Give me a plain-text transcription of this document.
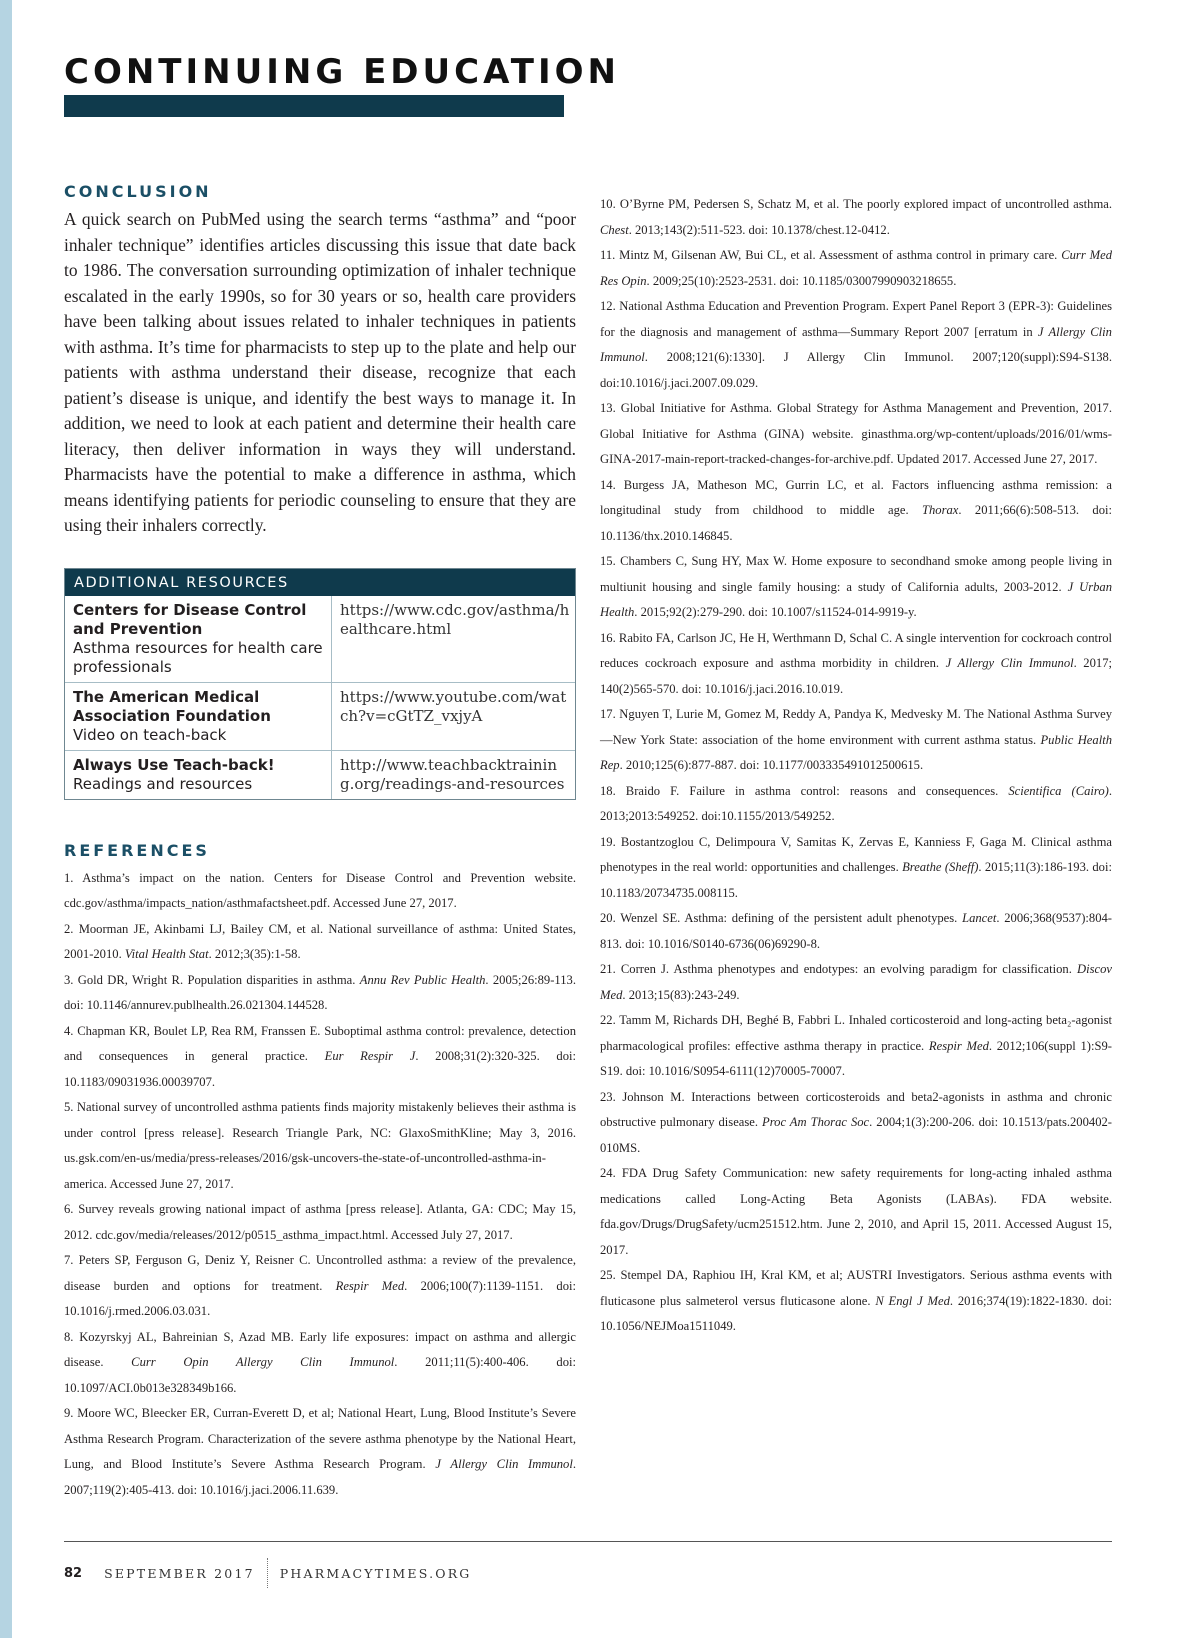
CONTINUING EDUCATION
CONCLUSION

A quick search on PubMed using the search terms “asthma” and “poor inhaler technique” identifies articles discussing this issue that date back to 1986. The conversation surrounding optimization of inhaler technique escalated in the early 1990s, so for 30 years or so, health care providers have been talking about issues related to inhaler techniques in patients with asthma. It’s time for pharmacists to step up to the plate and help our patients with asthma understand their disease, recognize that each patient’s disease is unique, and identify the best ways to manage it. In addition, we need to look at each patient and determine their health care literacy, then deliver information in ways they will understand. Pharmacists have the potential to make a difference in asthma, which means identifying patients for periodic counseling to ensure that they are using their inhalers correctly.

ADDITIONAL RESOURCES
Centers for Disease Control and Prevention
Asthma resources for health care professionals
https://www.cdc.gov/asthma/healthcare.html
The American Medical Association Foundation
Video on teach-back
https://www.youtube.com/watch?v=cGtTZ_vxjyA
Always Use Teach-back!
Readings and resources
http://www.teachbacktraining.org/readings-and-resources
REFERENCES

1. Asthma’s impact on the nation. Centers for Disease Control and Prevention website. cdc.gov/asthma/impacts_nation/asthmafactsheet.pdf. Accessed June 27, 2017.

2. Moorman JE, Akinbami LJ, Bailey CM, et al. National surveillance of asthma: United States, 2001-2010. Vital Health Stat. 2012;3(35):1-58.

3. Gold DR, Wright R. Population disparities in asthma. Annu Rev Public Health. 2005;26:89-113. doi: 10.1146/annurev.publhealth.26.021304.144528.

4. Chapman KR, Boulet LP, Rea RM, Franssen E. Suboptimal asthma control: prevalence, detection and consequences in general practice. Eur Respir J. 2008;31(2):320-325. doi: 10.1183/09031936.00039707.

5. National survey of uncontrolled asthma patients finds majority mistakenly believes their asthma is under control [press release]. Research Triangle Park, NC: GlaxoSmithKline; May 3, 2016. us.gsk.com/en-us/media/press-releases/2016/gsk-uncovers-the-state-of-uncontrolled-asthma-in-america. Accessed June 27, 2017.

6. Survey reveals growing national impact of asthma [press release]. Atlanta, GA: CDC; May 15, 2012. cdc.gov/media/releases/2012/p0515_asthma_impact.html. Accessed July 27, 2017.

7. Peters SP, Ferguson G, Deniz Y, Reisner C. Uncontrolled asthma: a review of the prevalence, disease burden and options for treatment. Respir Med. 2006;100(7):1139-1151. doi: 10.1016/j.rmed.2006.03.031.

8. Kozyrskyj AL, Bahreinian S, Azad MB. Early life exposures: impact on asthma and allergic disease. Curr Opin Allergy Clin Immunol. 2011;11(5):400-406. doi: 10.1097/ACI.0b013e328349b166.

9. Moore WC, Bleecker ER, Curran-Everett D, et al; National Heart, Lung, Blood Institute’s Severe Asthma Research Program. Characterization of the severe asthma phenotype by the National Heart, Lung, and Blood Institute’s Severe Asthma Research Program. J Allergy Clin Immunol. 2007;119(2):405-413. doi: 10.1016/j.jaci.2006.11.639.

10. O’Byrne PM, Pedersen S, Schatz M, et al. The poorly explored impact of uncontrolled asthma. Chest. 2013;143(2):511-523. doi: 10.1378/chest.12-0412.

11. Mintz M, Gilsenan AW, Bui CL, et al. Assessment of asthma control in primary care. Curr Med Res Opin. 2009;25(10):2523-2531. doi: 10.1185/03007990903218655.

12. National Asthma Education and Prevention Program. Expert Panel Report 3 (EPR-3): Guidelines for the diagnosis and management of asthma—Summary Report 2007 [erratum in J Allergy Clin Immunol. 2008;121(6):1330]. J Allergy Clin Immunol. 2007;120(suppl):S94-S138. doi:10.1016/j.jaci.2007.09.029.

13. Global Initiative for Asthma. Global Strategy for Asthma Management and Prevention, 2017. Global Initiative for Asthma (GINA) website. ginasthma.org/wp-content/uploads/2016/01/wms-GINA-2017-main-report-tracked-changes-for-archive.pdf. Updated 2017. Accessed June 27, 2017.

14. Burgess JA, Matheson MC, Gurrin LC, et al. Factors influencing asthma remission: a longitudinal study from childhood to middle age. Thorax. 2011;66(6):508-513. doi: 10.1136/thx.2010.146845.

15. Chambers C, Sung HY, Max W. Home exposure to secondhand smoke among people living in multiunit housing and single family housing: a study of California adults, 2003-2012. J Urban Health. 2015;92(2):279-290. doi: 10.1007/s11524-014-9919-y.

16. Rabito FA, Carlson JC, He H, Werthmann D, Schal C. A single intervention for cockroach control reduces cockroach exposure and asthma morbidity in children. J Allergy Clin Immunol. 2017; 140(2)565-570. doi: 10.1016/j.jaci.2016.10.019.

17. Nguyen T, Lurie M, Gomez M, Reddy A, Pandya K, Medvesky M. The National Asthma Survey—New York State: association of the home environment with current asthma status. Public Health Rep. 2010;125(6):877-887. doi: 10.1177/003335491012500615.

18. Braido F. Failure in asthma control: reasons and consequences. Scientifica (Cairo). 2013;2013:549252. doi:10.1155/2013/549252.

19. Bostantzoglou C, Delimpoura V, Samitas K, Zervas E, Kanniess F, Gaga M. Clinical asthma phenotypes in the real world: opportunities and challenges. Breathe (Sheff). 2015;11(3):186-193. doi: 10.1183/20734735.008115.

20. Wenzel SE. Asthma: defining of the persistent adult phenotypes. Lancet. 2006;368(9537):804-813. doi: 10.1016/S0140-6736(06)69290-8.

21. Corren J. Asthma phenotypes and endotypes: an evolving paradigm for classification. Discov Med. 2013;15(83):243-249.

22. Tamm M, Richards DH, Beghé B, Fabbri L. Inhaled corticosteroid and long-acting beta₂-agonist pharmacological profiles: effective asthma therapy in practice. Respir Med. 2012;106(suppl 1):S9-S19. doi: 10.1016/S0954-6111(12)70005-70007.

23. Johnson M. Interactions between corticosteroids and beta2-agonists in asthma and chronic obstructive pulmonary disease. Proc Am Thorac Soc. 2004;1(3):200-206. doi: 10.1513/pats.200402-010MS.

24. FDA Drug Safety Communication: new safety requirements for long-acting inhaled asthma medications called Long-Acting Beta Agonists (LABAs). FDA website. fda.gov/Drugs/DrugSafety/ucm251512.htm. June 2, 2010, and April 15, 2011. Accessed August 15, 2017.

25. Stempel DA, Raphiou IH, Kral KM, et al; AUSTRI Investigators. Serious asthma events with fluticasone plus salmeterol versus fluticasone alone. N Engl J Med. 2016;374(19):1822-1830. doi: 10.1056/NEJMoa1511049.

82 SEPTEMBER 2017 PHARMACYTIMES.ORG
